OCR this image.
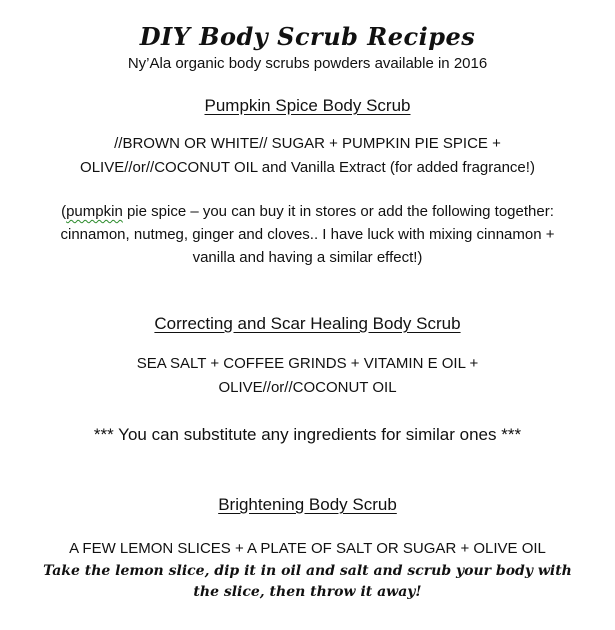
DIY Body Scrub Recipes
Ny’Ala organic body scrubs powders available in 2016
Pumpkin Spice Body Scrub
//BROWN OR WHITE// SUGAR + PUMPKIN PIE SPICE +
OLIVE//or//COCONUT OIL and Vanilla Extract (for added fragrance!)
(pumpkin pie spice – you can buy it in stores or add the following together:
cinnamon, nutmeg, ginger and cloves.. I have luck with mixing cinnamon +
vanilla and having a similar effect!)
Correcting and Scar Healing Body Scrub
SEA SALT + COFFEE GRINDS + VITAMIN E OIL +
OLIVE//or//COCONUT OIL
*** You can substitute any ingredients for similar ones ***
Brightening Body Scrub
A FEW LEMON SLICES + A PLATE OF SALT OR SUGAR + OLIVE OIL
Take the lemon slice, dip it in oil and salt and scrub your body with
the slice, then throw it away!
